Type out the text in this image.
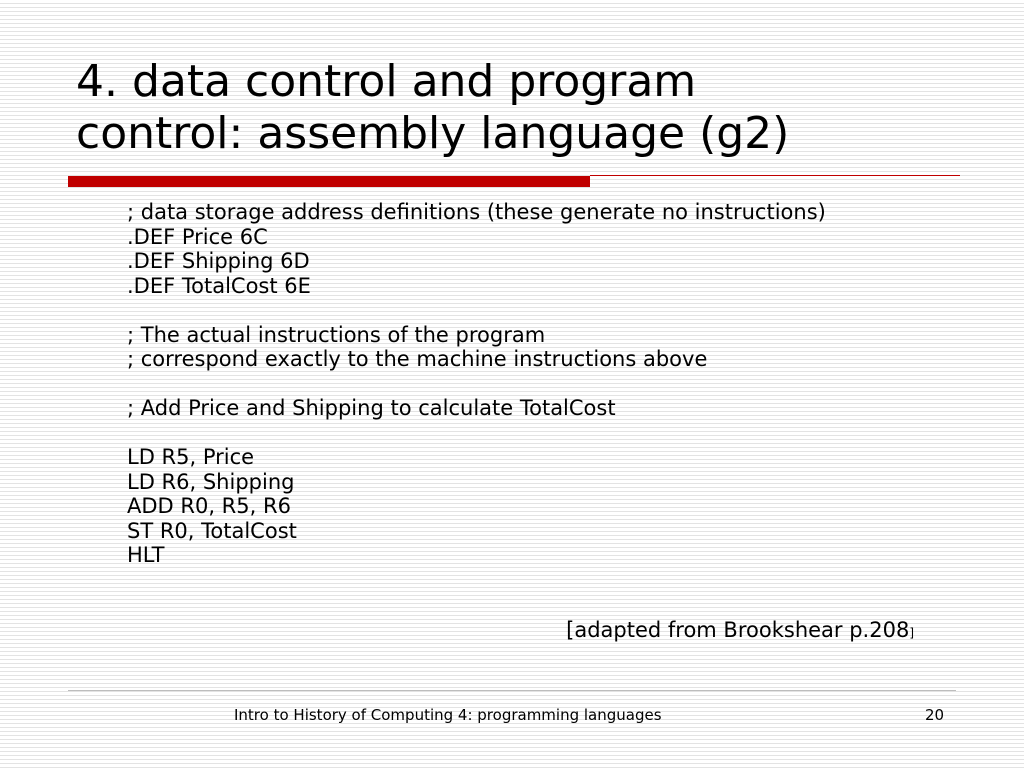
4. data control and program
control: assembly language (g2)
; data storage address definitions (these generate no instructions)
.DEF Price 6C
.DEF Shipping 6D
.DEF TotalCost 6E
; The actual instructions of the program
; correspond exactly to the machine instructions above
; Add Price and Shipping to calculate TotalCost
LD R5, Price
LD R6, Shipping
ADD R0, R5, R6
ST R0, TotalCost
HLT
[adapted from Brookshear p.208]
Intro to History of Computing 4: programming languages	20
